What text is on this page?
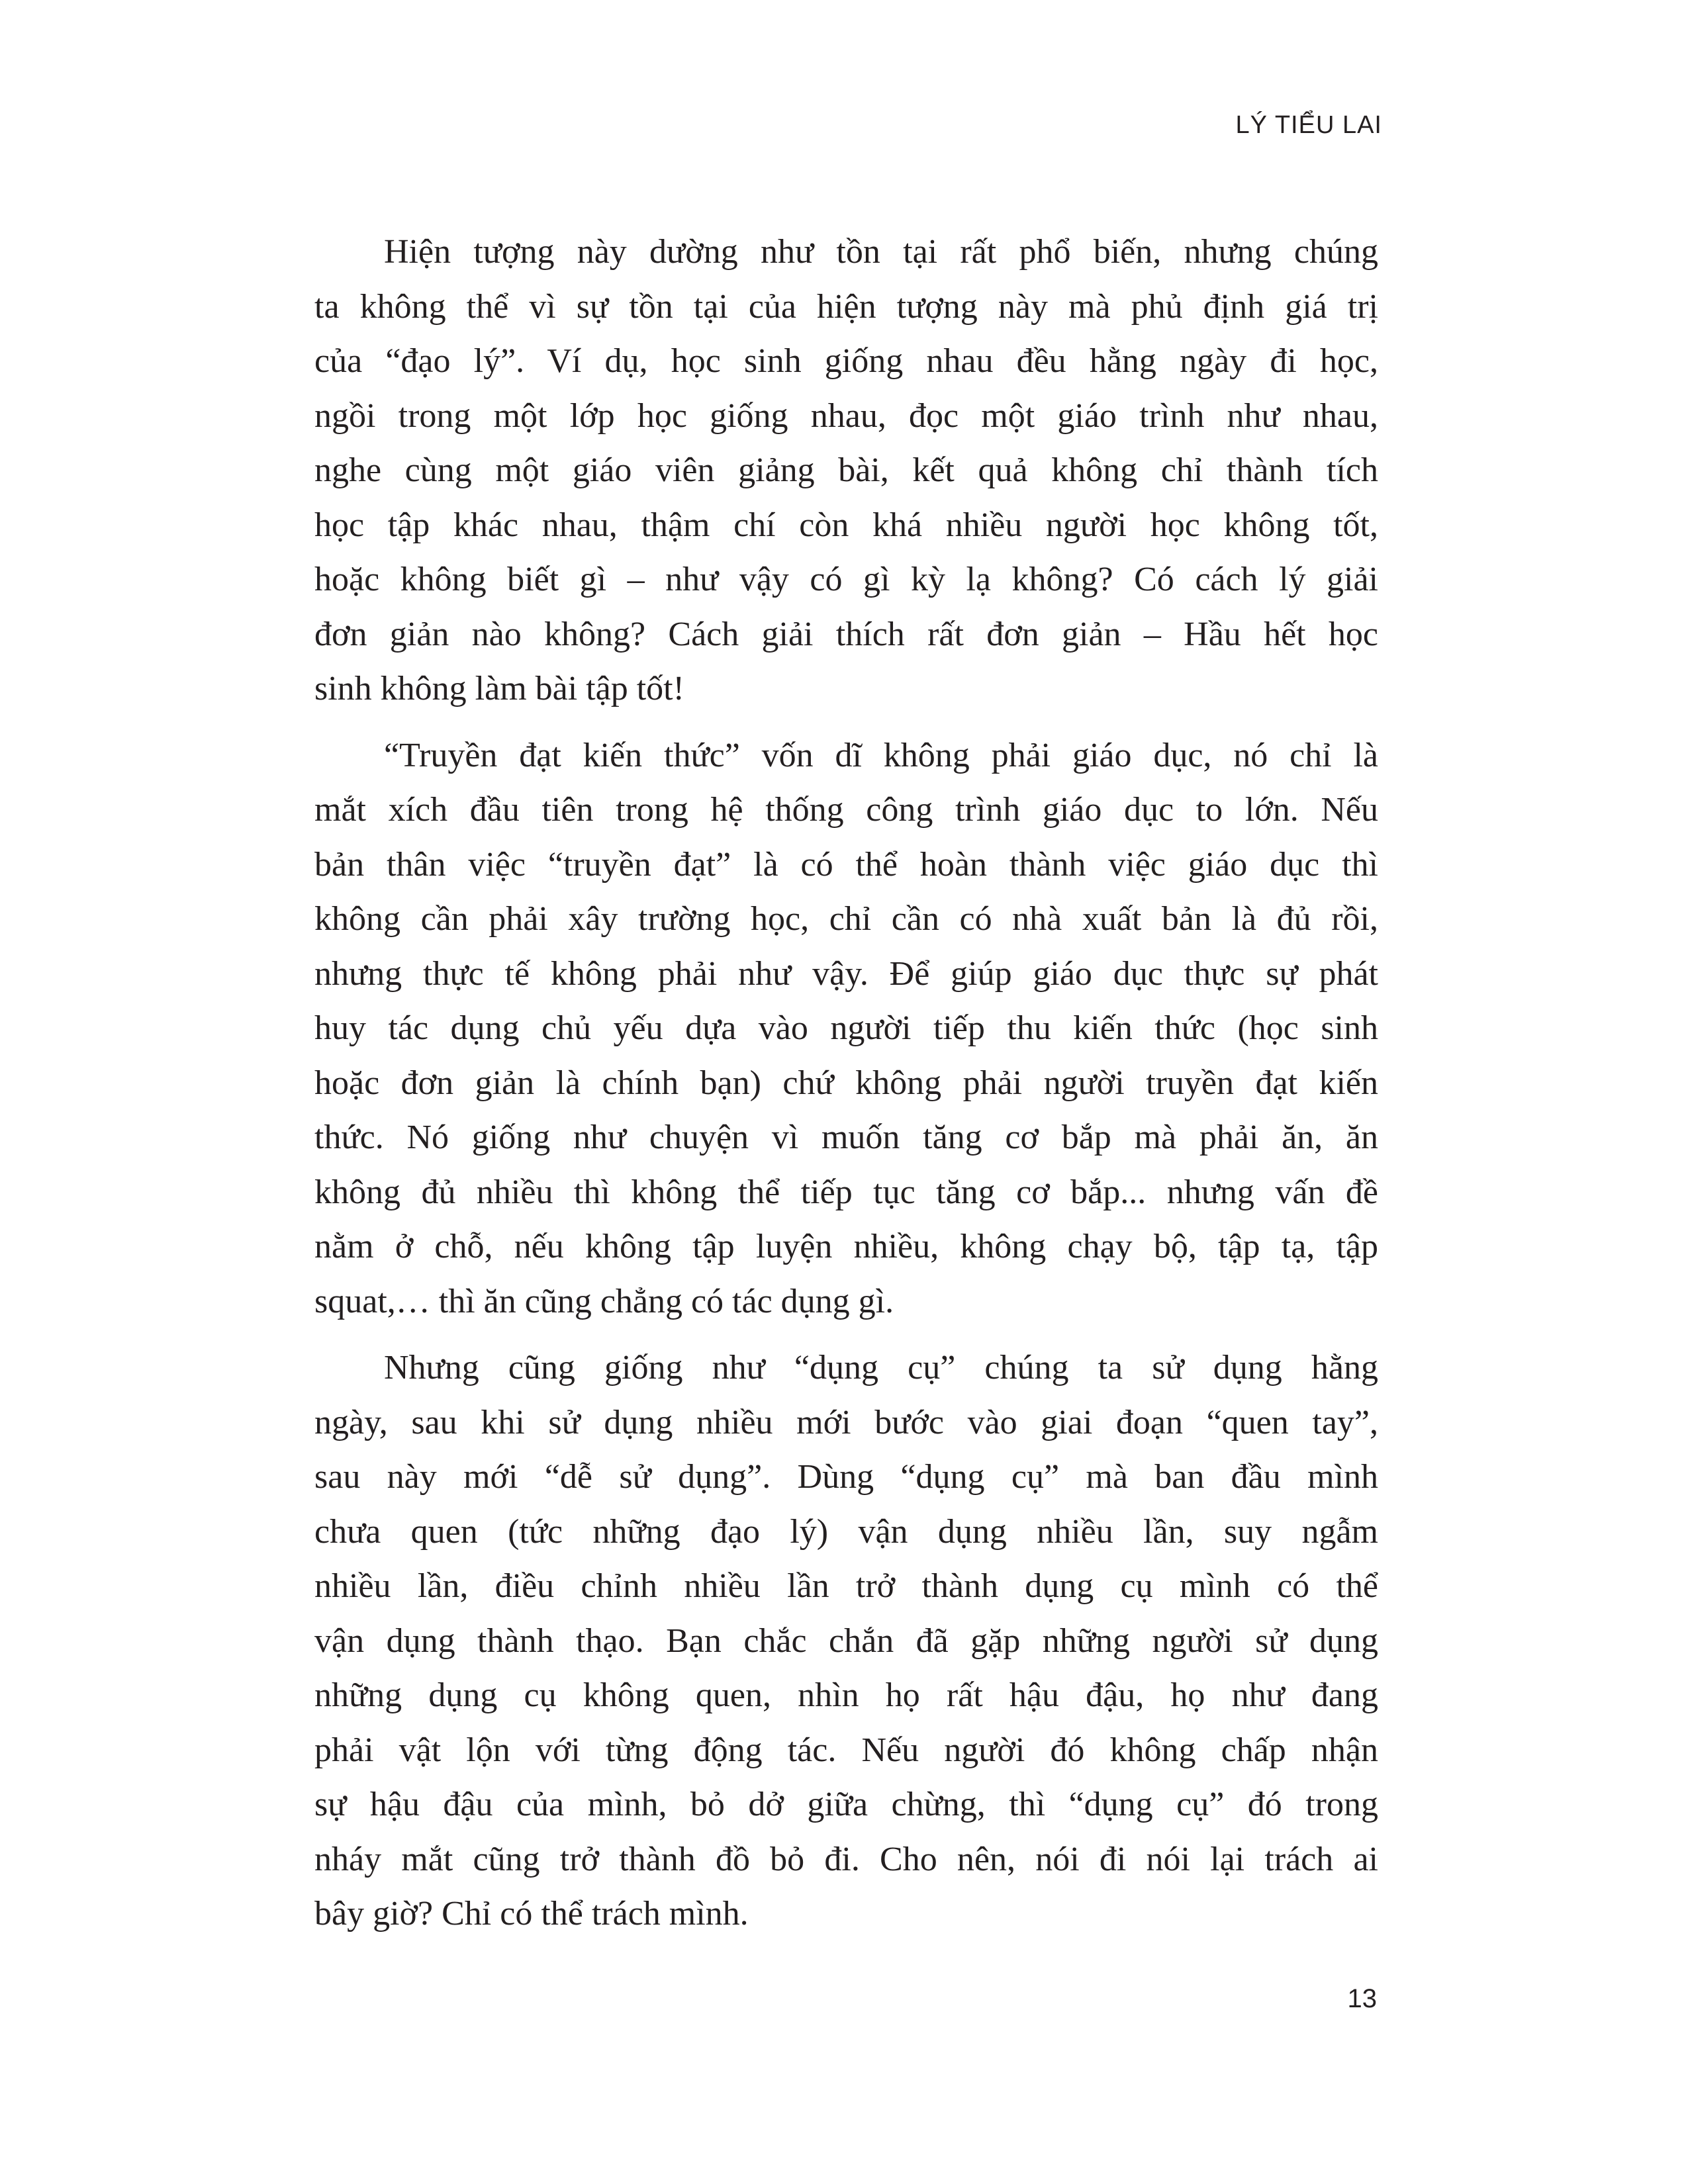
LÝ TIỂU LAI
Hiện tượng này dường như tồn tại rất phổ biến, nhưng chúng
ta không thể vì sự tồn tại của hiện tượng này mà phủ định giá trị
của “đạo lý”. Ví dụ, học sinh giống nhau đều hằng ngày đi học,
ngồi trong một lớp học giống nhau, đọc một giáo trình như nhau,
nghe cùng một giáo viên giảng bài, kết quả không chỉ thành tích
học tập khác nhau, thậm chí còn khá nhiều người học không tốt,
hoặc không biết gì – như vậy có gì kỳ lạ không? Có cách lý giải
đơn giản nào không? Cách giải thích rất đơn giản – Hầu hết học
sinh không làm bài tập tốt!
“Truyền đạt kiến thức” vốn dĩ không phải giáo dục, nó chỉ là
mắt xích đầu tiên trong hệ thống công trình giáo dục to lớn. Nếu
bản thân việc “truyền đạt” là có thể hoàn thành việc giáo dục thì
không cần phải xây trường học, chỉ cần có nhà xuất bản là đủ rồi,
nhưng thực tế không phải như vậy. Để giúp giáo dục thực sự phát
huy tác dụng chủ yếu dựa vào người tiếp thu kiến thức (học sinh
hoặc đơn giản là chính bạn) chứ không phải người truyền đạt kiến
thức. Nó giống như chuyện vì muốn tăng cơ bắp mà phải ăn, ăn
không đủ nhiều thì không thể tiếp tục tăng cơ bắp... nhưng vấn đề
nằm ở chỗ, nếu không tập luyện nhiều, không chạy bộ, tập tạ, tập
squat,… thì ăn cũng chẳng có tác dụng gì.
Nhưng cũng giống như “dụng cụ” chúng ta sử dụng hằng
ngày, sau khi sử dụng nhiều mới bước vào giai đoạn “quen tay”,
sau này mới “dễ sử dụng”. Dùng “dụng cụ” mà ban đầu mình
chưa quen (tức những đạo lý) vận dụng nhiều lần, suy ngẫm
nhiều lần, điều chỉnh nhiều lần trở thành dụng cụ mình có thể
vận dụng thành thạo. Bạn chắc chắn đã gặp những người sử dụng
những dụng cụ không quen, nhìn họ rất hậu đậu, họ như đang
phải vật lộn với từng động tác. Nếu người đó không chấp nhận
sự hậu đậu của mình, bỏ dở giữa chừng, thì “dụng cụ” đó trong
nháy mắt cũng trở thành đồ bỏ đi. Cho nên, nói đi nói lại trách ai
bây giờ? Chỉ có thể trách mình.
13
